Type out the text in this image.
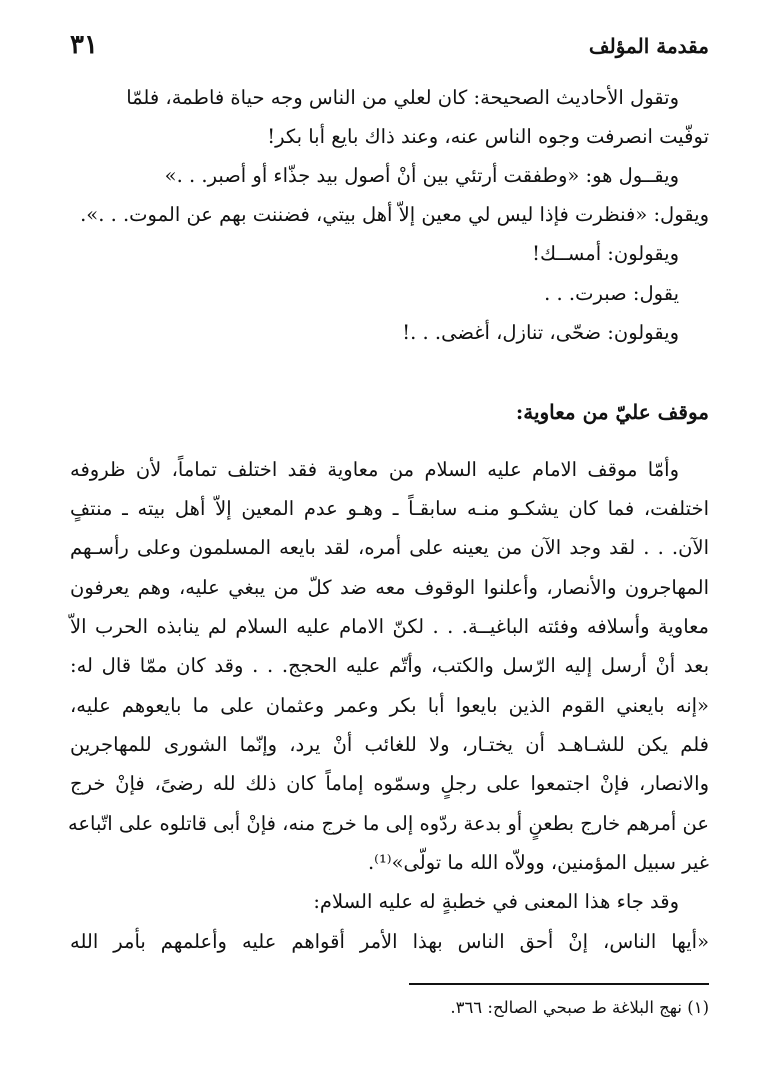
مقدمة المؤلف
٣١
وتقول الأحاديث الصحيحة: كان لعلي من الناس وجه حياة فاطمة، فلمّا
توفّيت انصرفت وجوه الناس عنه، وعند ذاك بايع أبا بكر!
ويقــول هو: «وطفقت أرتئي بين أنْ أصول بيد جذّاء أو أصبر. . .»
ويقول: «فنظرت فإذا ليس لي معين إلاّ أهل بيتي، فضننت بهم عن الموت. . .».
ويقولون: أمســك!
يقول: صبرت. . .
ويقولون: ضحّى، تنازل، أغضى. . .!
موقف عليّ من معاوية:
وأمّا موقف الامام عليه السلام من معاوية فقد اختلف تماماً، لأن ظروفه
اختلفت، فما كان يشكـو منـه سابقـاً ـ وهـو عدم المعين إلاّ أهل بيته ـ منتفٍ
الآن. . . لقد وجد الآن من يعينه على أمره، لقد بايعه المسلمون وعلى رأسـهم
المهاجرون والأنصار، وأعلنوا الوقوف معه ضد كلّ من يبغي عليه، وهم يعرفون
معاوية وأسلافه وفئته الباغيــة. . . لكنّ الامام عليه السلام لم ينابذه الحرب الاّ
بعد أنْ أرسل إليه الرّسل والكتب، وأتّم عليه الحجج. . . وقد كان ممّا قال له:
«إنه بايعني القوم الذين بايعوا أبا بكر وعمر وعثمان على ما بايعوهم عليه،
فلم يكن للشـاهـد أن يختـار، ولا للغائب أنْ يرد، وإنّما الشورى للمهاجرين
والانصار، فإنْ اجتمعوا على رجلٍ وسمّوه إماماً كان ذلك لله رضىً، فإنْ خرج
عن أمرهم خارج بطعنٍ أو بدعة ردّوه إلى ما خرج منه، فإنْ أبى قاتلوه على اتّباعه
غير سبيل المؤمنين، وولاّه الله ما تولّى»⁽¹⁾.
وقد جاء هذا المعنى في خطبةٍ له عليه السلام:
«أيها الناس، إنْ أحق الناس بهذا الأمر أقواهم عليه وأعلمهم بأمر الله
(١) نهج البلاغة ط صبحي الصالح: ٣٦٦.
